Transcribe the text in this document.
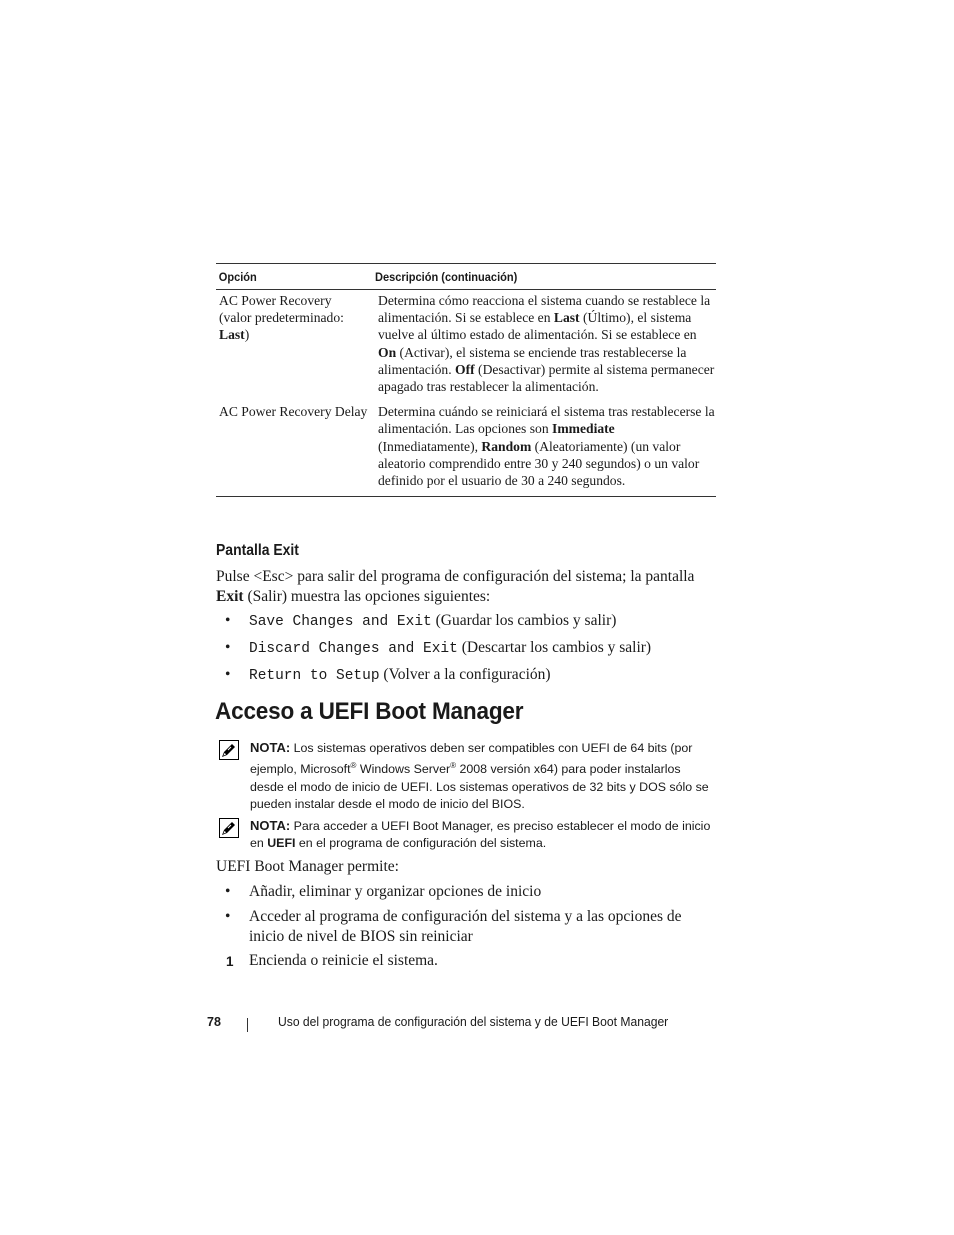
Opción	Descripción (continuación)
AC Power Recovery
(valor predeterminado:
Last)
Determina cómo reacciona el sistema cuando se restablece la alimentación. Si se establece en Last (Último), el sistema vuelve al último estado de alimentación. Si se establece en On (Activar), el sistema se enciende tras restablecerse la alimentación. Off (Desactivar) permite al sistema permanecer apagado tras restablecer la alimentación.
AC Power Recovery Delay Determina cuándo se reiniciará el sistema tras restablecerse la alimentación. Las opciones son Immediate (Inmediatamente), Random (Aleatoriamente) (un valor aleatorio comprendido entre 30 y 240 segundos) o un valor definido por el usuario de 30 a 240 segundos.
Pantalla Exit
Pulse <Esc> para salir del programa de configuración del sistema; la pantalla Exit (Salir) muestra las opciones siguientes:
• Save Changes and Exit (Guardar los cambios y salir)
• Discard Changes and Exit (Descartar los cambios y salir)
• Return to Setup (Volver a la configuración)
Acceso a UEFI Boot Manager
NOTA: Los sistemas operativos deben ser compatibles con UEFI de 64 bits (por ejemplo, Microsoft® Windows Server® 2008 versión x64) para poder instalarlos desde el modo de inicio de UEFI. Los sistemas operativos de 32 bits y DOS sólo se pueden instalar desde el modo de inicio del BIOS.
NOTA: Para acceder a UEFI Boot Manager, es preciso establecer el modo de inicio en UEFI en el programa de configuración del sistema.
UEFI Boot Manager permite:
• Añadir, eliminar y organizar opciones de inicio
• Acceder al programa de configuración del sistema y a las opciones de inicio de nivel de BIOS sin reiniciar
1 Encienda o reinicie el sistema.
78	Uso del programa de configuración del sistema y de UEFI Boot Manager
